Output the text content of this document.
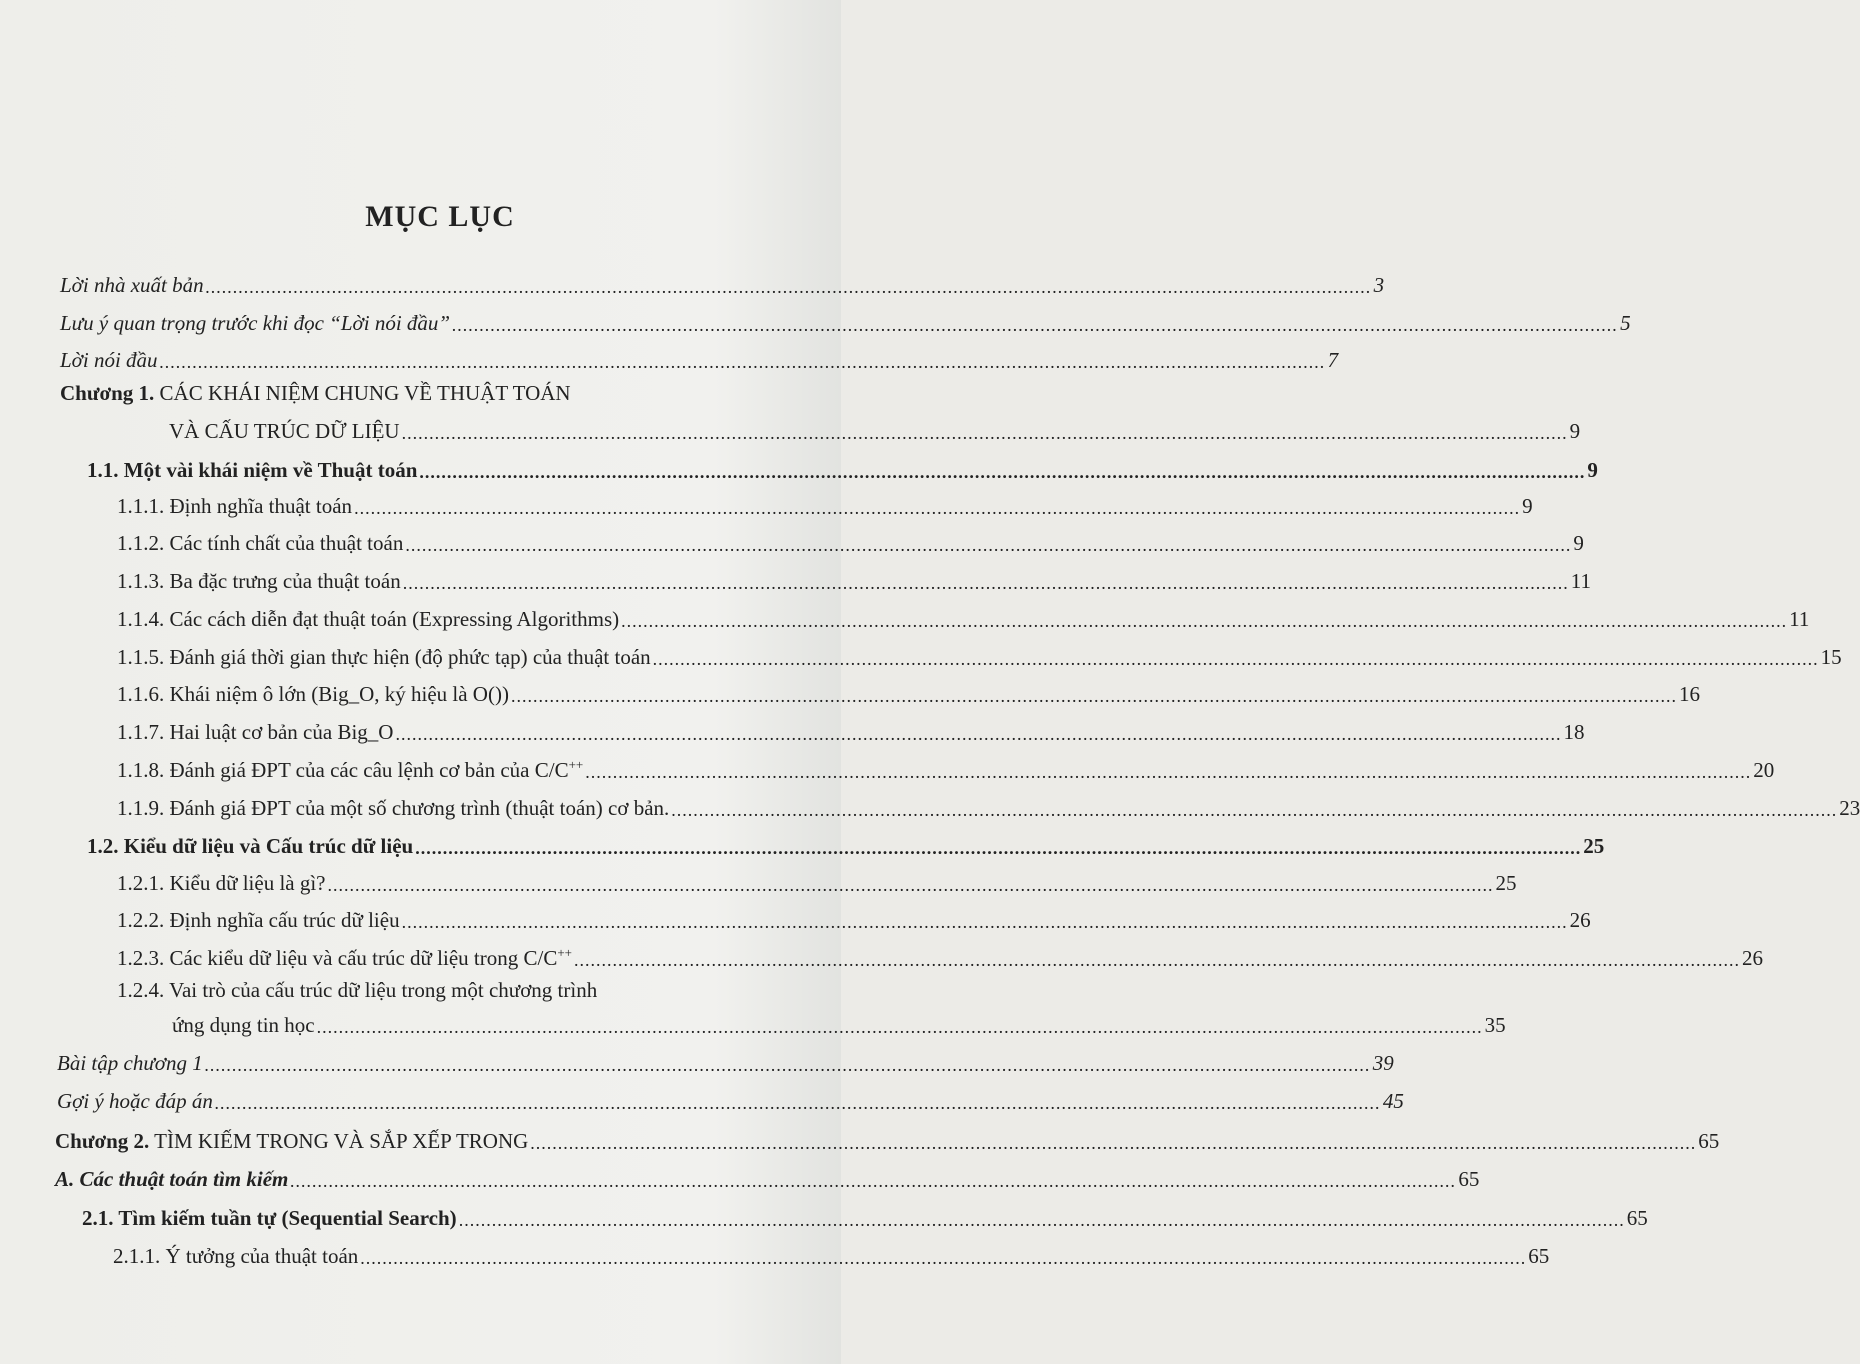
MỤC LỤC
Lời nhà xuất bản .................................................................................................................................................................................................................... 3
Lưu ý quan trọng trước khi đọc “Lời nói đầu” .................................................................................................................................................................................................................... 5
Lời nói đầu .................................................................................................................................................................................................................... 7
Chương 1. CÁC KHÁI NIỆM CHUNG VỀ THUẬT TOÁN
VÀ CẤU TRÚC DỮ LIỆU .................................................................................................................................................................................................................... 9
1.1. Một vài khái niệm về Thuật toán .................................................................................................................................................................................................................... 9
1.1.1. Định nghĩa thuật toán .................................................................................................................................................................................................................... 9
1.1.2. Các tính chất của thuật toán .................................................................................................................................................................................................................... 9
1.1.3. Ba đặc trưng của thuật toán .................................................................................................................................................................................................................... 11
1.1.4. Các cách diễn đạt thuật toán (Expressing Algorithms) .................................................................................................................................................................................................................... 11
1.1.5. Đánh giá thời gian thực hiện (độ phức tạp) của thuật toán .................................................................................................................................................................................................................... 15
1.1.6. Khái niệm ô lớn (Big_O, ký hiệu là O()) .................................................................................................................................................................................................................... 16
1.1.7. Hai luật cơ bản của Big_O .................................................................................................................................................................................................................... 18
1.1.8. Đánh giá ĐPT của các câu lệnh cơ bản của C/C++ .................................................................................................................................................................................................................... 20
1.1.9. Đánh giá ĐPT của một số chương trình (thuật toán) cơ bản. .................................................................................................................................................................................................................... 23
1.2. Kiểu dữ liệu và Cấu trúc dữ liệu .................................................................................................................................................................................................................... 25
1.2.1. Kiểu dữ liệu là gì? .................................................................................................................................................................................................................... 25
1.2.2. Định nghĩa cấu trúc dữ liệu .................................................................................................................................................................................................................... 26
1.2.3. Các kiểu dữ liệu và cấu trúc dữ liệu trong C/C++ .................................................................................................................................................................................................................... 26
1.2.4. Vai trò của cấu trúc dữ liệu trong một chương trình
ứng dụng tin học .................................................................................................................................................................................................................... 35
Bài tập chương 1 .................................................................................................................................................................................................................... 39
Gợi ý hoặc đáp án .................................................................................................................................................................................................................... 45
Chương 2. TÌM KIẾM TRONG VÀ SẮP XẾP TRONG .................................................................................................................................................................................................................... 65
A. Các thuật toán tìm kiếm .................................................................................................................................................................................................................... 65
2.1. Tìm kiếm tuần tự (Sequential Search) .................................................................................................................................................................................................................... 65
2.1.1. Ý tưởng của thuật toán .................................................................................................................................................................................................................... 65
